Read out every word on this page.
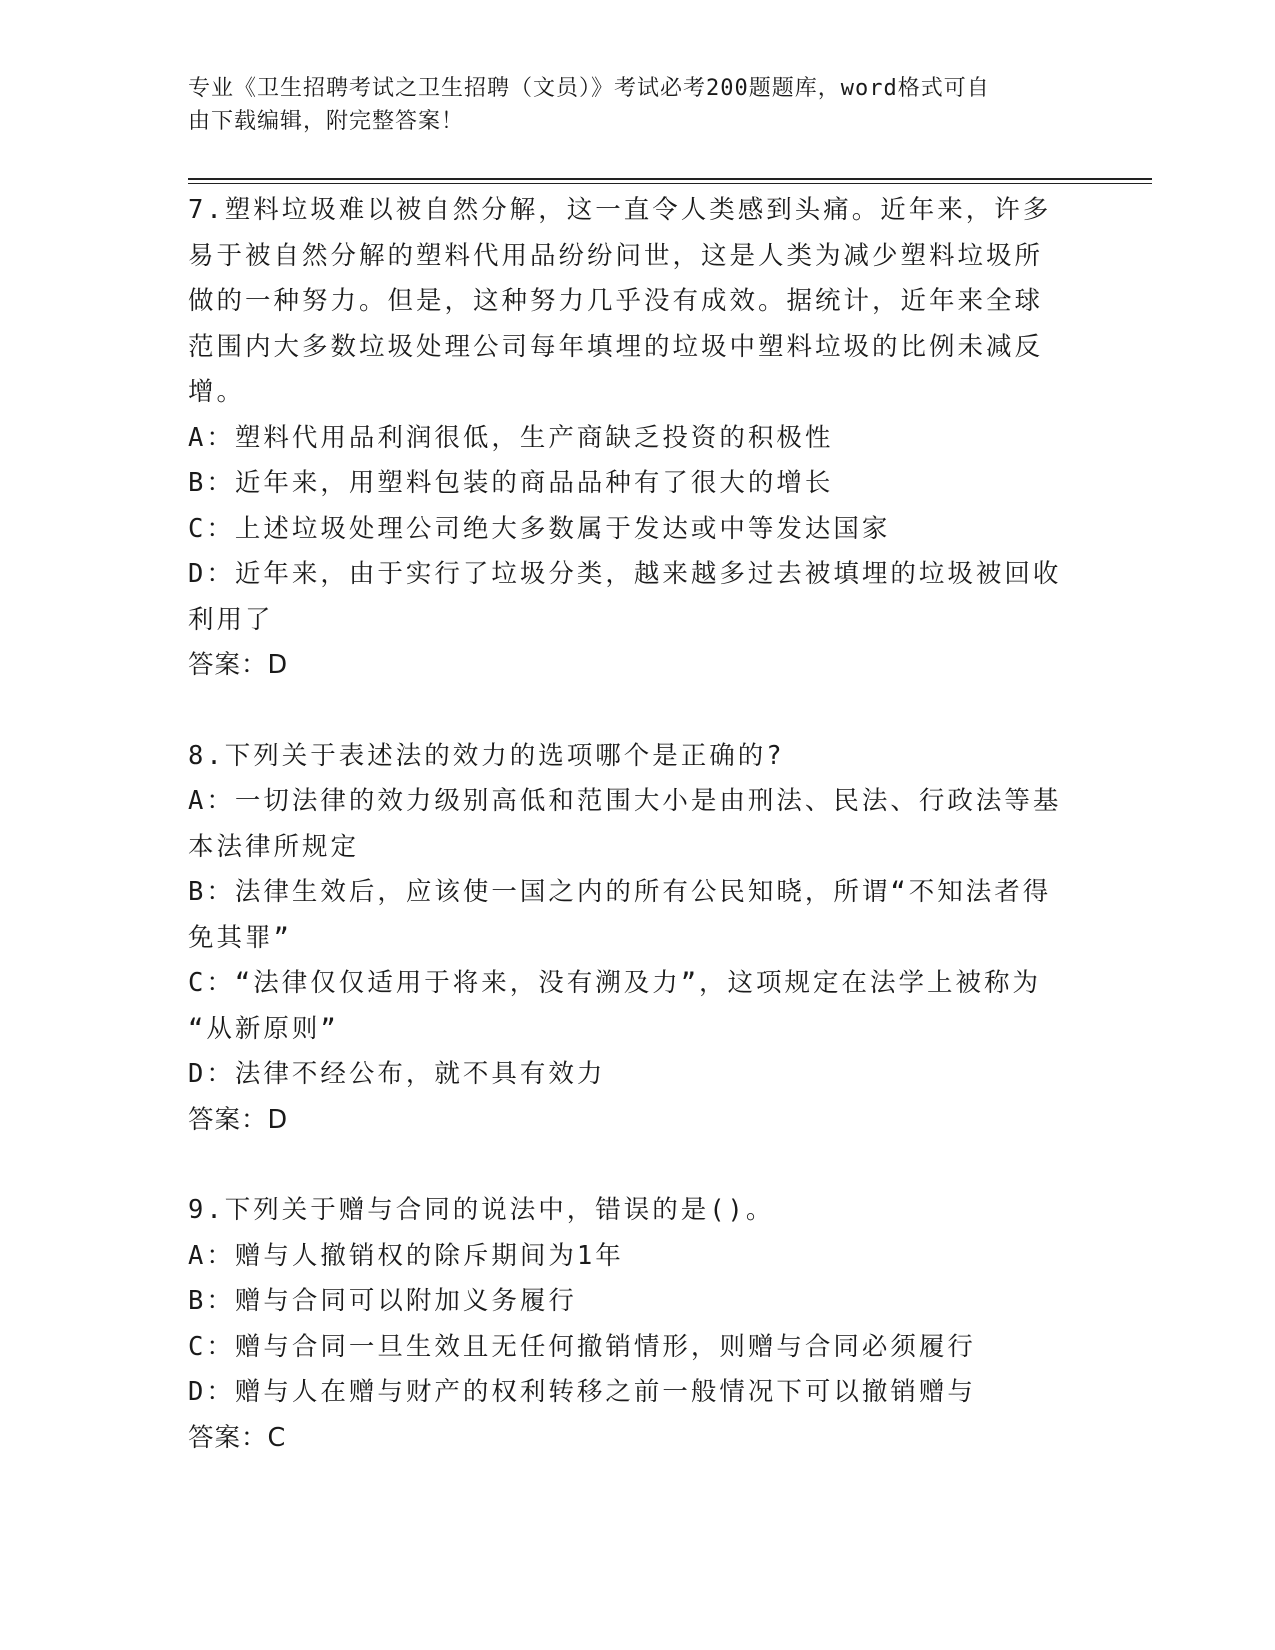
专业《卫生招聘考试之卫生招聘（文员）》考试必考200题题库，word格式可自
由下载编辑，附完整答案！
7.塑料垃圾难以被自然分解，这一直令人类感到头痛。近年来，许多
易于被自然分解的塑料代用品纷纷问世，这是人类为减少塑料垃圾所
做的一种努力。但是，这种努力几乎没有成效。据统计，近年来全球
范围内大多数垃圾处理公司每年填埋的垃圾中塑料垃圾的比例未减反
增。
A：塑料代用品利润很低，生产商缺乏投资的积极性
B：近年来，用塑料包装的商品品种有了很大的增长
C：上述垃圾处理公司绝大多数属于发达或中等发达国家
D：近年来，由于实行了垃圾分类，越来越多过去被填埋的垃圾被回收
利用了
答案：D
8.下列关于表述法的效力的选项哪个是正确的?
A：一切法律的效力级别高低和范围大小是由刑法、民法、行政法等基
本法律所规定
B：法律生效后，应该使一国之内的所有公民知晓，所谓“不知法者得
免其罪”
C：“法律仅仅适用于将来，没有溯及力”，这项规定在法学上被称为
“从新原则”
D：法律不经公布，就不具有效力
答案：D
9.下列关于赠与合同的说法中，错误的是()。
A：赠与人撤销权的除斥期间为1年
B：赠与合同可以附加义务履行
C：赠与合同一旦生效且无任何撤销情形，则赠与合同必须履行
D：赠与人在赠与财产的权利转移之前一般情况下可以撤销赠与
答案：C
